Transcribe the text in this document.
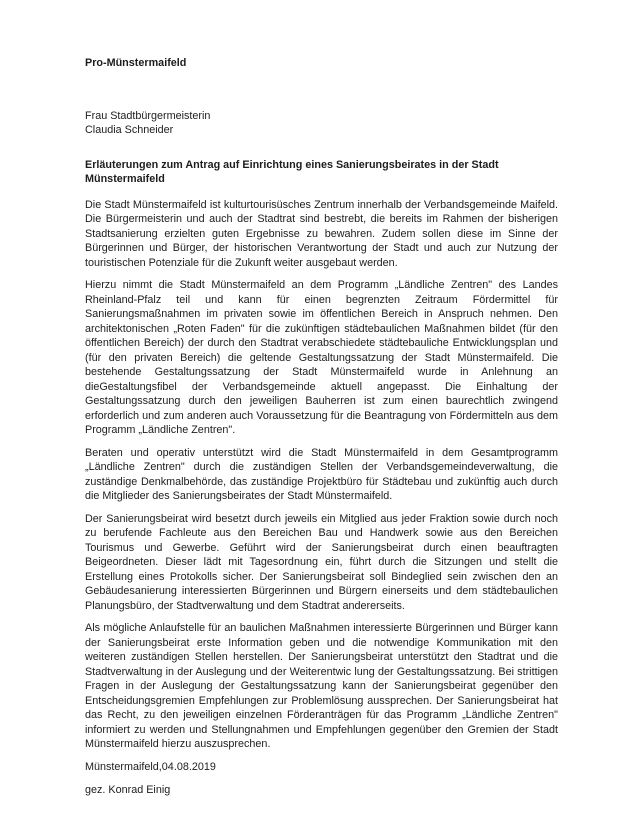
Pro-Münstermaifeld
Frau Stadtbürgermeisterin
Claudia Schneider
Erläuterungen zum Antrag auf Einrichtung eines Sanierungsbeirates in der Stadt Münstermaifeld

Die Stadt Münstermaifeld ist kulturtourisüsches Zentrum innerhalb der Verbandsgemeinde Maifeld. Die Bürgermeisterin und auch der Stadtrat sind bestrebt, die bereits im Rahmen der bisherigen Stadtsanierung erzielten guten Ergebnisse zu bewahren. Zudem sollen diese im Sinne der Bürgerinnen und Bürger, der historischen Verantwortung der Stadt und auch zur Nutzung der touristischen Potenziale für die Zukunft weiter ausgebaut werden.

Hierzu nimmt die Stadt Münstermaifeld an dem Programm „Ländliche Zentren" des Landes Rheinland-Pfalz teil und kann für einen begrenzten Zeitraum Fördermittel für Sanierungsmaßnahmen im privaten sowie im öffentlichen Bereich in Anspruch nehmen. Den architektonischen „Roten Faden" für die zukünftigen städtebaulichen Maßnahmen bildet (für den öffentlichen Bereich) der durch den Stadtrat verabschiedete städtebauliche Entwicklungsplan und (für den privaten Bereich) die geltende Gestaltungssatzung der Stadt Münstermaifeld. Die bestehende Gestaltungssatzung der Stadt Münstermaifeld wurde in Anlehnung an dieGestaltungsfibel der Verbandsgemeinde aktuell angepasst. Die Einhaltung der Gestaltungssatzung durch den jeweiligen Bauherren ist zum einen baurechtlich zwingend erforderlich und zum anderen auch Voraussetzung für die Beantragung von Fördermitteln aus dem Programm „Ländliche Zentren".

Beraten und operativ unterstützt wird die Stadt Münstermaifeld in dem Gesamtprogramm „Ländliche Zentren" durch die zuständigen Stellen der Verbandsgemeindeverwaltung, die zuständige Denkmalbehörde, das zuständige Projektbüro für Städtebau und zukünftig auch durch die Mitglieder des Sanierungsbeirates der Stadt Münstermaifeld.

Der Sanierungsbeirat wird besetzt durch jeweils ein Mitglied aus jeder Fraktion sowie durch noch zu berufende Fachleute aus den Bereichen Bau und Handwerk sowie aus den Bereichen Tourismus und Gewerbe. Geführt wird der Sanierungsbeirat durch einen beauftragten Beigeordneten. Dieser lädt mit Tagesordnung ein, führt durch die Sitzungen und stellt die Erstellung eines Protokolls sicher. Der Sanierungsbeirat soll Bindeglied sein zwischen den an Gebäudesanierung interessierten Bürgerinnen und Bürgern einerseits und dem städtebaulichen Planungsbüro, der Stadtverwaltung und dem Stadtrat andererseits.

Als mögliche Anlaufstelle für an baulichen Maßnahmen interessierte Bürgerinnen und Bürger kann der Sanierungsbeirat erste Information geben und die notwendige Kommunikation mit den weiteren zuständigen Stellen herstellen. Der Sanierungsbeirat unterstützt den Stadtrat und die Stadtverwaltung in der Auslegung und der Weiterentwic lung der Gestaltungssatzung. Bei strittigen Fragen in der Auslegung der Gestaltungssatzung kann der Sanierungsbeirat gegenüber den Entscheidungsgremien Empfehlungen zur Problemlösung aussprechen. Der Sanierungsbeirat hat das Recht, zu den jeweiligen einzelnen Förderanträgen für das Programm „Ländliche Zentren" informiert zu werden und Stellungnahmen und Empfehlungen gegenüber den Gremien der Stadt Münstermaifeld hierzu auszusprechen.

Münstermaifeld,04.08.2019
gez. Konrad Einig
